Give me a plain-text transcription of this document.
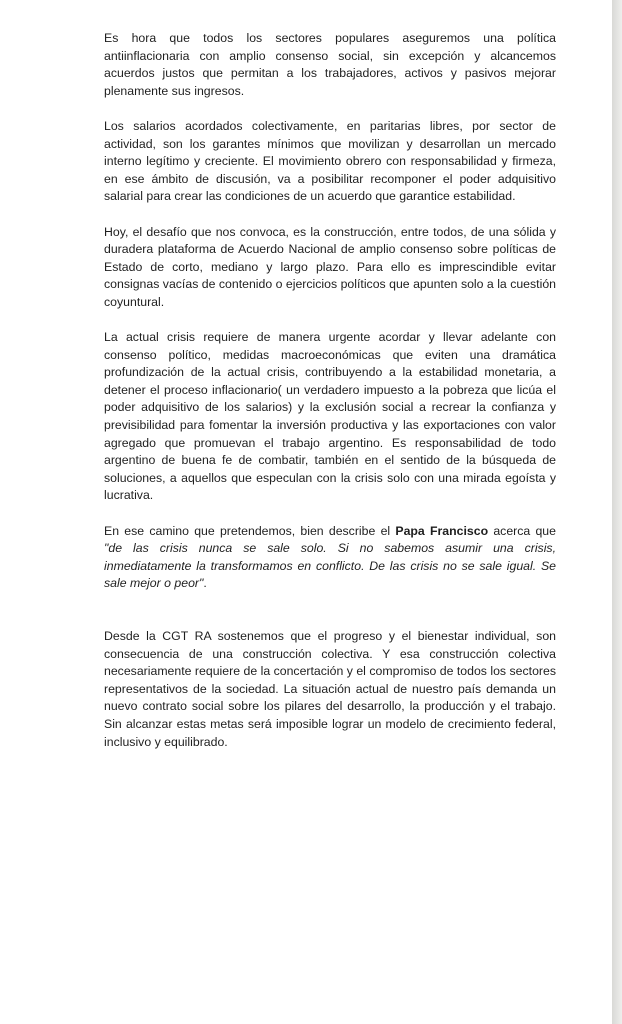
Es hora que todos los sectores populares aseguremos una política antiinflacionaria con amplio consenso social, sin excepción y alcancemos acuerdos justos que permitan a los trabajadores, activos y pasivos mejorar plenamente sus ingresos.

Los salarios acordados colectivamente, en paritarias libres, por sector de actividad, son los garantes mínimos que movilizan y desarrollan un mercado interno legítimo y creciente. El movimiento obrero con responsabilidad y firmeza, en ese ámbito de discusión, va a posibilitar recomponer el poder adquisitivo salarial para crear las condiciones de un acuerdo que garantice estabilidad.

Hoy, el desafío que nos convoca, es la construcción, entre todos, de una sólida y duradera plataforma de Acuerdo Nacional de amplio consenso sobre políticas de Estado de corto, mediano y largo plazo. Para ello es imprescindible evitar consignas vacías de contenido o ejercicios políticos que apunten solo a la cuestión coyuntural.

La actual crisis requiere de manera urgente acordar y llevar adelante con consenso político, medidas macroeconómicas que eviten una dramática profundización de la actual crisis, contribuyendo a la estabilidad monetaria, a detener el proceso inflacionario( un verdadero impuesto a la pobreza que licúa el poder adquisitivo de los salarios) y la exclusión social a recrear la confianza y previsibilidad para fomentar la inversión productiva y las exportaciones con valor agregado que promuevan el trabajo argentino. Es responsabilidad de todo argentino de buena fe de combatir, también en el sentido de la búsqueda de soluciones, a aquellos que especulan con la crisis solo con una mirada egoísta y lucrativa.

En ese camino que pretendemos, bien describe el Papa Francisco acerca que "de las crisis nunca se sale solo. Si no sabemos asumir una crisis, inmediatamente la transformamos en conflicto. De las crisis no se sale igual. Se sale mejor o peor".

Desde la CGT RA sostenemos que el progreso y el bienestar individual, son consecuencia de una construcción colectiva. Y esa construcción colectiva necesariamente requiere de la concertación y el compromiso de todos los sectores representativos de la sociedad. La situación actual de nuestro país demanda un nuevo contrato social sobre los pilares del desarrollo, la producción y el trabajo. Sin alcanzar estas metas será imposible lograr un modelo de crecimiento federal, inclusivo y equilibrado.
